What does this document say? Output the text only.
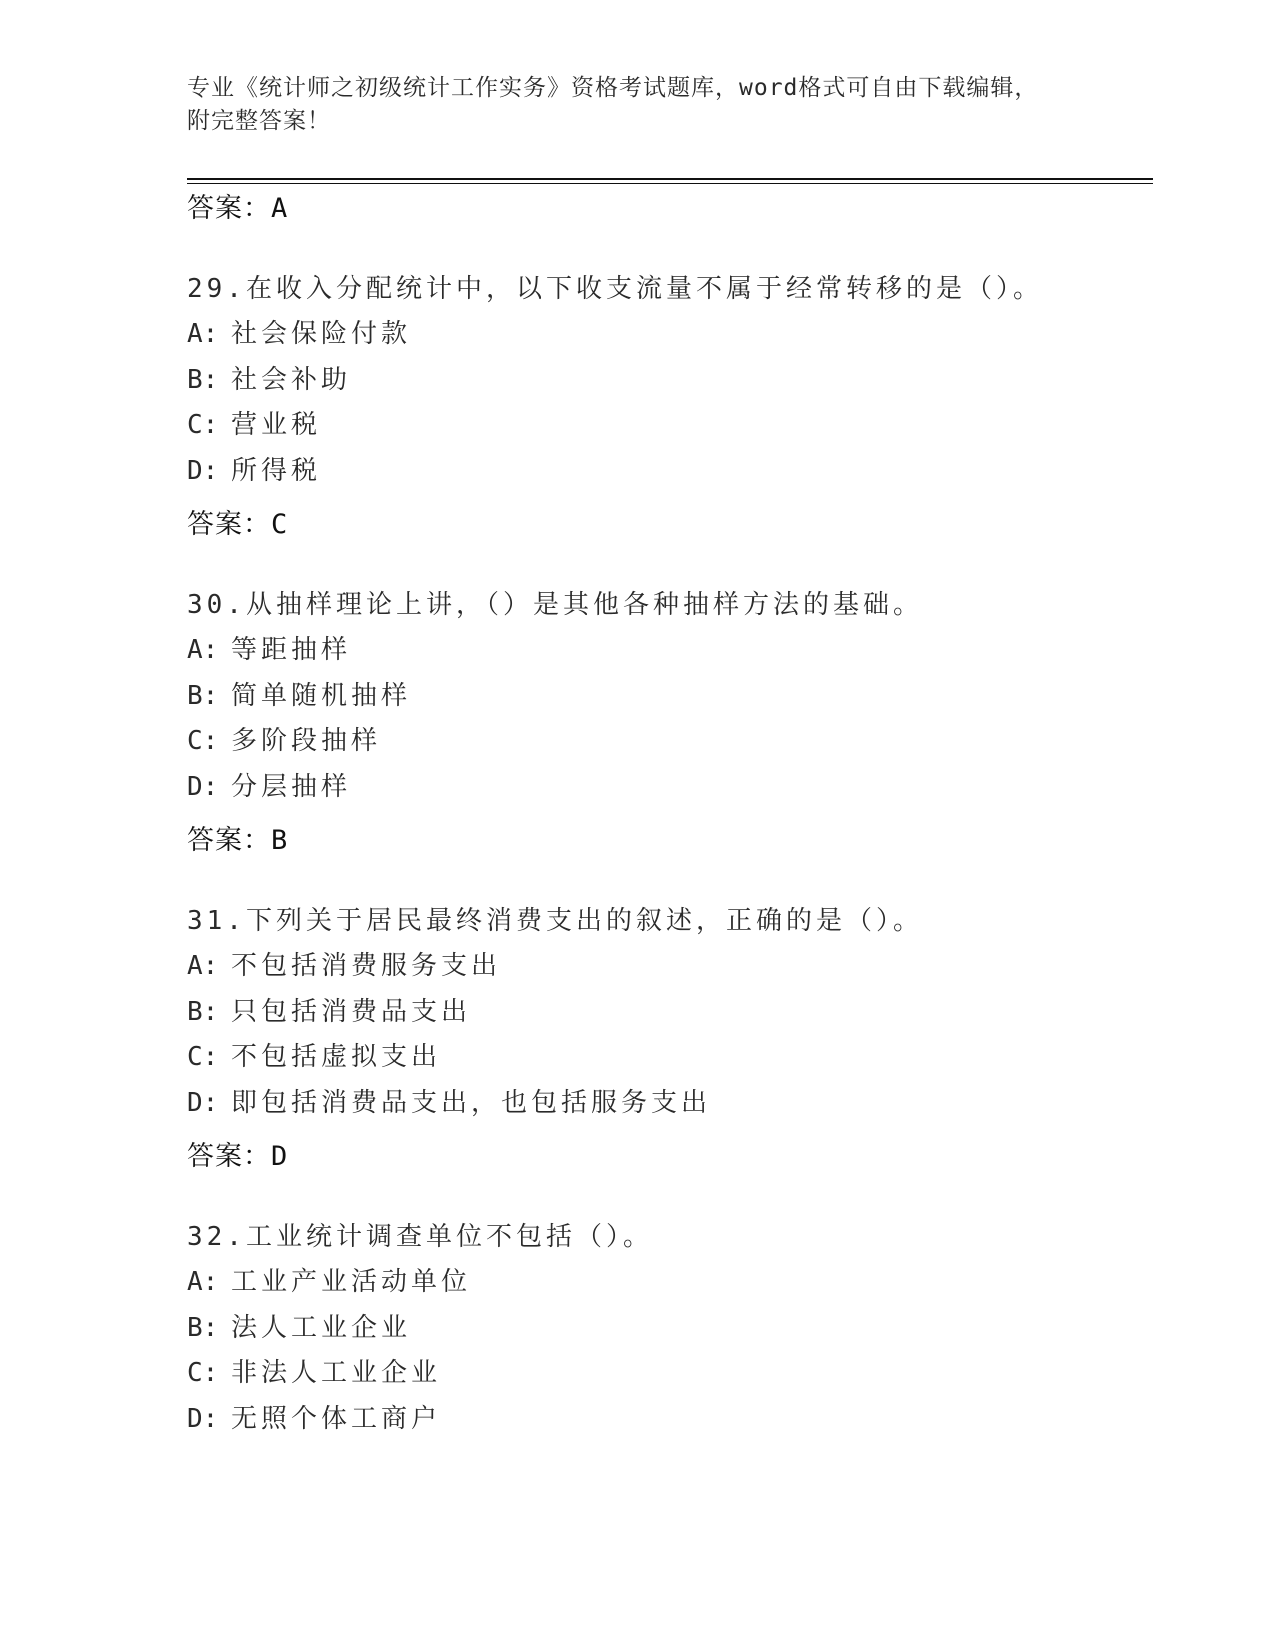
专业《统计师之初级统计工作实务》资格考试题库，word格式可自由下载编辑，
附完整答案！
答案：A
29.在收入分配统计中，以下收支流量不属于经常转移的是（）。
A: 社会保险付款
B: 社会补助
C: 营业税
D: 所得税
答案：C
30.从抽样理论上讲，（）是其他各种抽样方法的基础。
A: 等距抽样
B: 简单随机抽样
C: 多阶段抽样
D: 分层抽样
答案：B
31.下列关于居民最终消费支出的叙述，正确的是（）。
A: 不包括消费服务支出
B: 只包括消费品支出
C: 不包括虚拟支出
D: 即包括消费品支出，也包括服务支出
答案：D
32.工业统计调查单位不包括（）。
A: 工业产业活动单位
B: 法人工业企业
C: 非法人工业企业
D: 无照个体工商户
